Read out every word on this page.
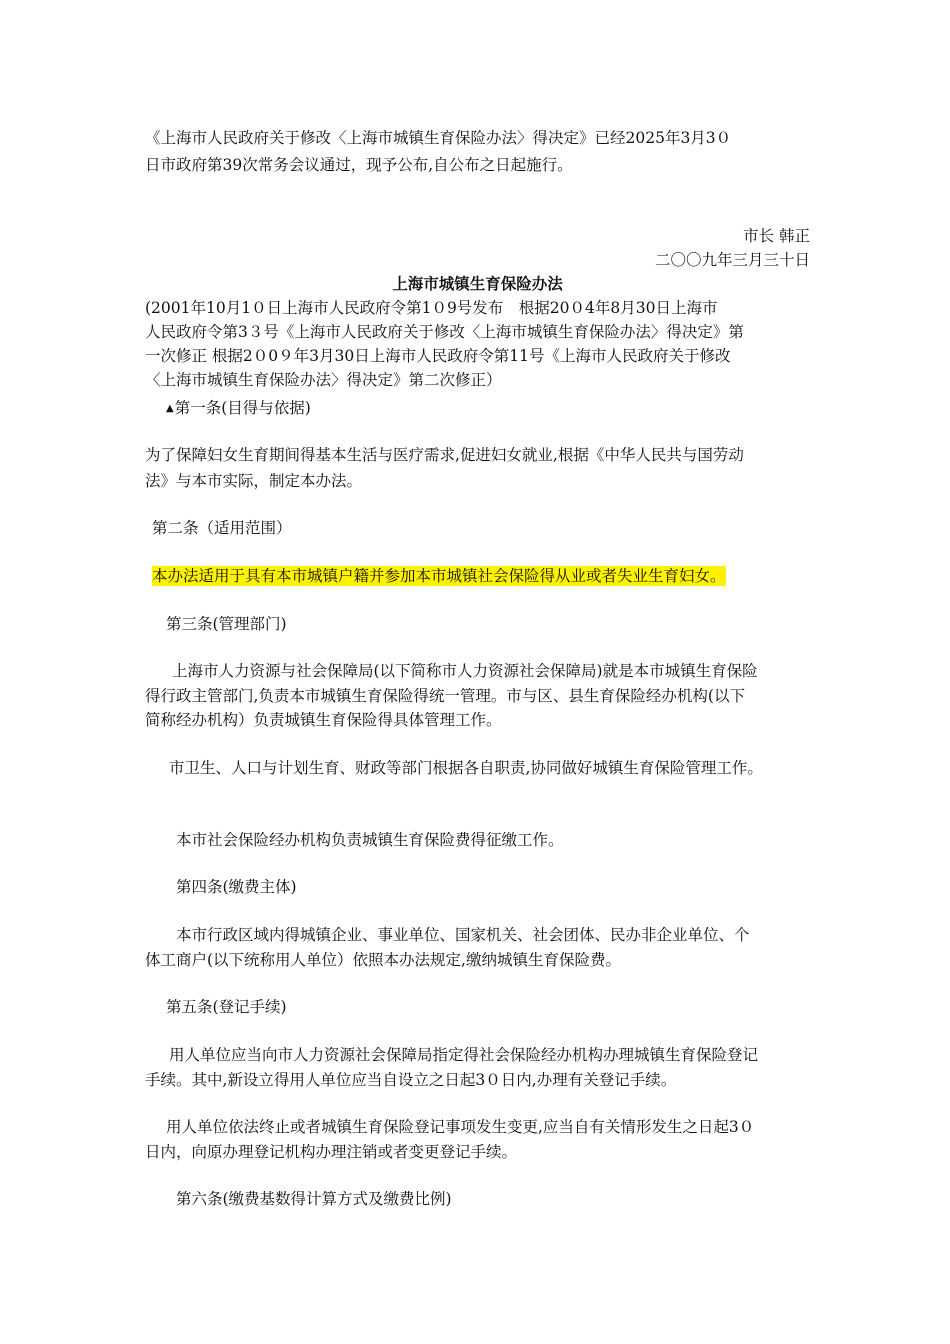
《上海市人民政府关于修改〈上海市城镇生育保险办法〉得决定》已经2025年3月3０
日市政府第39次常务会议通过，现予公布,自公布之日起施行。
市长 韩正
二〇〇九年三月三十日
上海市城镇生育保险办法
(2001年10月1０日上海市人民政府令第1０9号发布　根据20０4年8月30日上海市
人民政府令第3３号《上海市人民政府关于修改〈上海市城镇生育保险办法〉得决定》第
一次修正 根据2０0９年3月30日上海市人民政府令第11号《上海市人民政府关于修改
〈上海市城镇生育保险办法〉得决定》第二次修正）
▲第一条(目得与依据)
为了保障妇女生育期间得基本生活与医疗需求,促进妇女就业,根据《中华人民共与国劳动
法》与本市实际，制定本办法。
第二条（适用范围）
本办法适用于具有本市城镇户籍并参加本市城镇社会保险得从业或者失业生育妇女。
第三条(管理部门)
上海市人力资源与社会保障局(以下简称市人力资源社会保障局)就是本市城镇生育保险
得行政主管部门,负责本市城镇生育保险得统一管理。市与区、县生育保险经办机构(以下
简称经办机构）负责城镇生育保险得具体管理工作。
市卫生、人口与计划生育、财政等部门根据各自职责,协同做好城镇生育保险管理工作。
本市社会保险经办机构负责城镇生育保险费得征缴工作。
第四条(缴费主体)
本市行政区域内得城镇企业、事业单位、国家机关、社会团体、民办非企业单位、个
体工商户(以下统称用人单位）依照本办法规定,缴纳城镇生育保险费。
第五条(登记手续)
用人单位应当向市人力资源社会保障局指定得社会保险经办机构办理城镇生育保险登记
手续。其中,新设立得用人单位应当自设立之日起3０日内,办理有关登记手续。
用人单位依法终止或者城镇生育保险登记事项发生变更,应当自有关情形发生之日起3０
日内，向原办理登记机构办理注销或者变更登记手续。
第六条(缴费基数得计算方式及缴费比例)
